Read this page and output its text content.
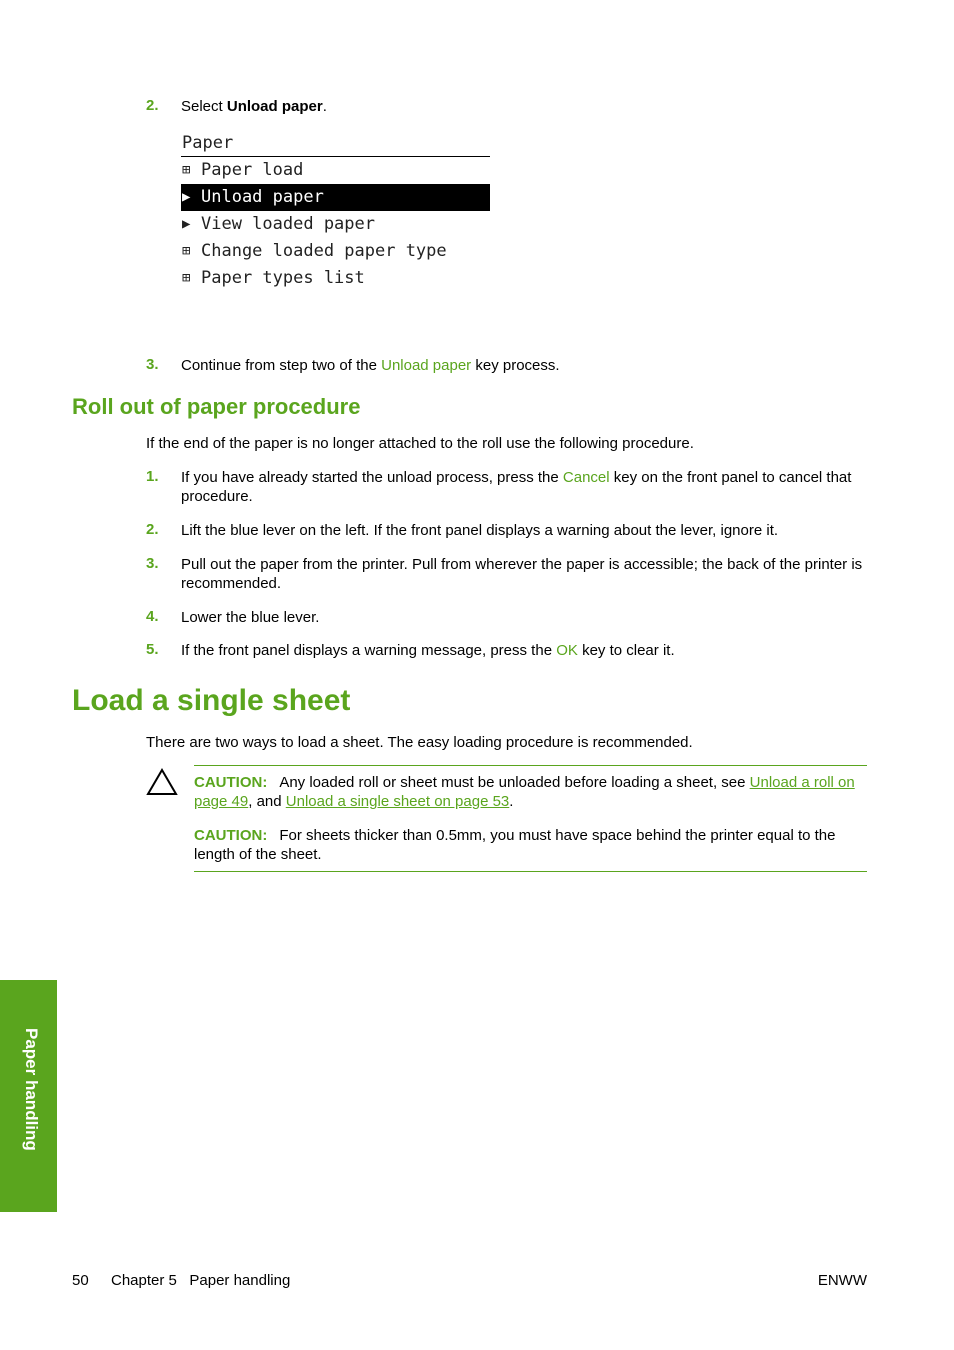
2. Select Unload paper.
Paper
⊞ Paper load
▶ Unload paper
▶ View loaded paper
⊞ Change loaded paper type
⊞ Paper types list
3. Continue from step two of the Unload paper key process.
Roll out of paper procedure
If the end of the paper is no longer attached to the roll use the following procedure.
1. If you have already started the unload process, press the Cancel key on the front panel to cancel that procedure.
2. Lift the blue lever on the left. If the front panel displays a warning about the lever, ignore it.
3. Pull out the paper from the printer. Pull from wherever the paper is accessible; the back of the printer is recommended.
4. Lower the blue lever.
5. If the front panel displays a warning message, press the OK key to clear it.
Load a single sheet
There are two ways to load a sheet. The easy loading procedure is recommended.
CAUTION: Any loaded roll or sheet must be unloaded before loading a sheet, see Unload a roll on page 49, and Unload a single sheet on page 53.
CAUTION: For sheets thicker than 0.5mm, you must have space behind the printer equal to the length of the sheet.
Paper handling
50 Chapter 5   Paper handling	ENWW
